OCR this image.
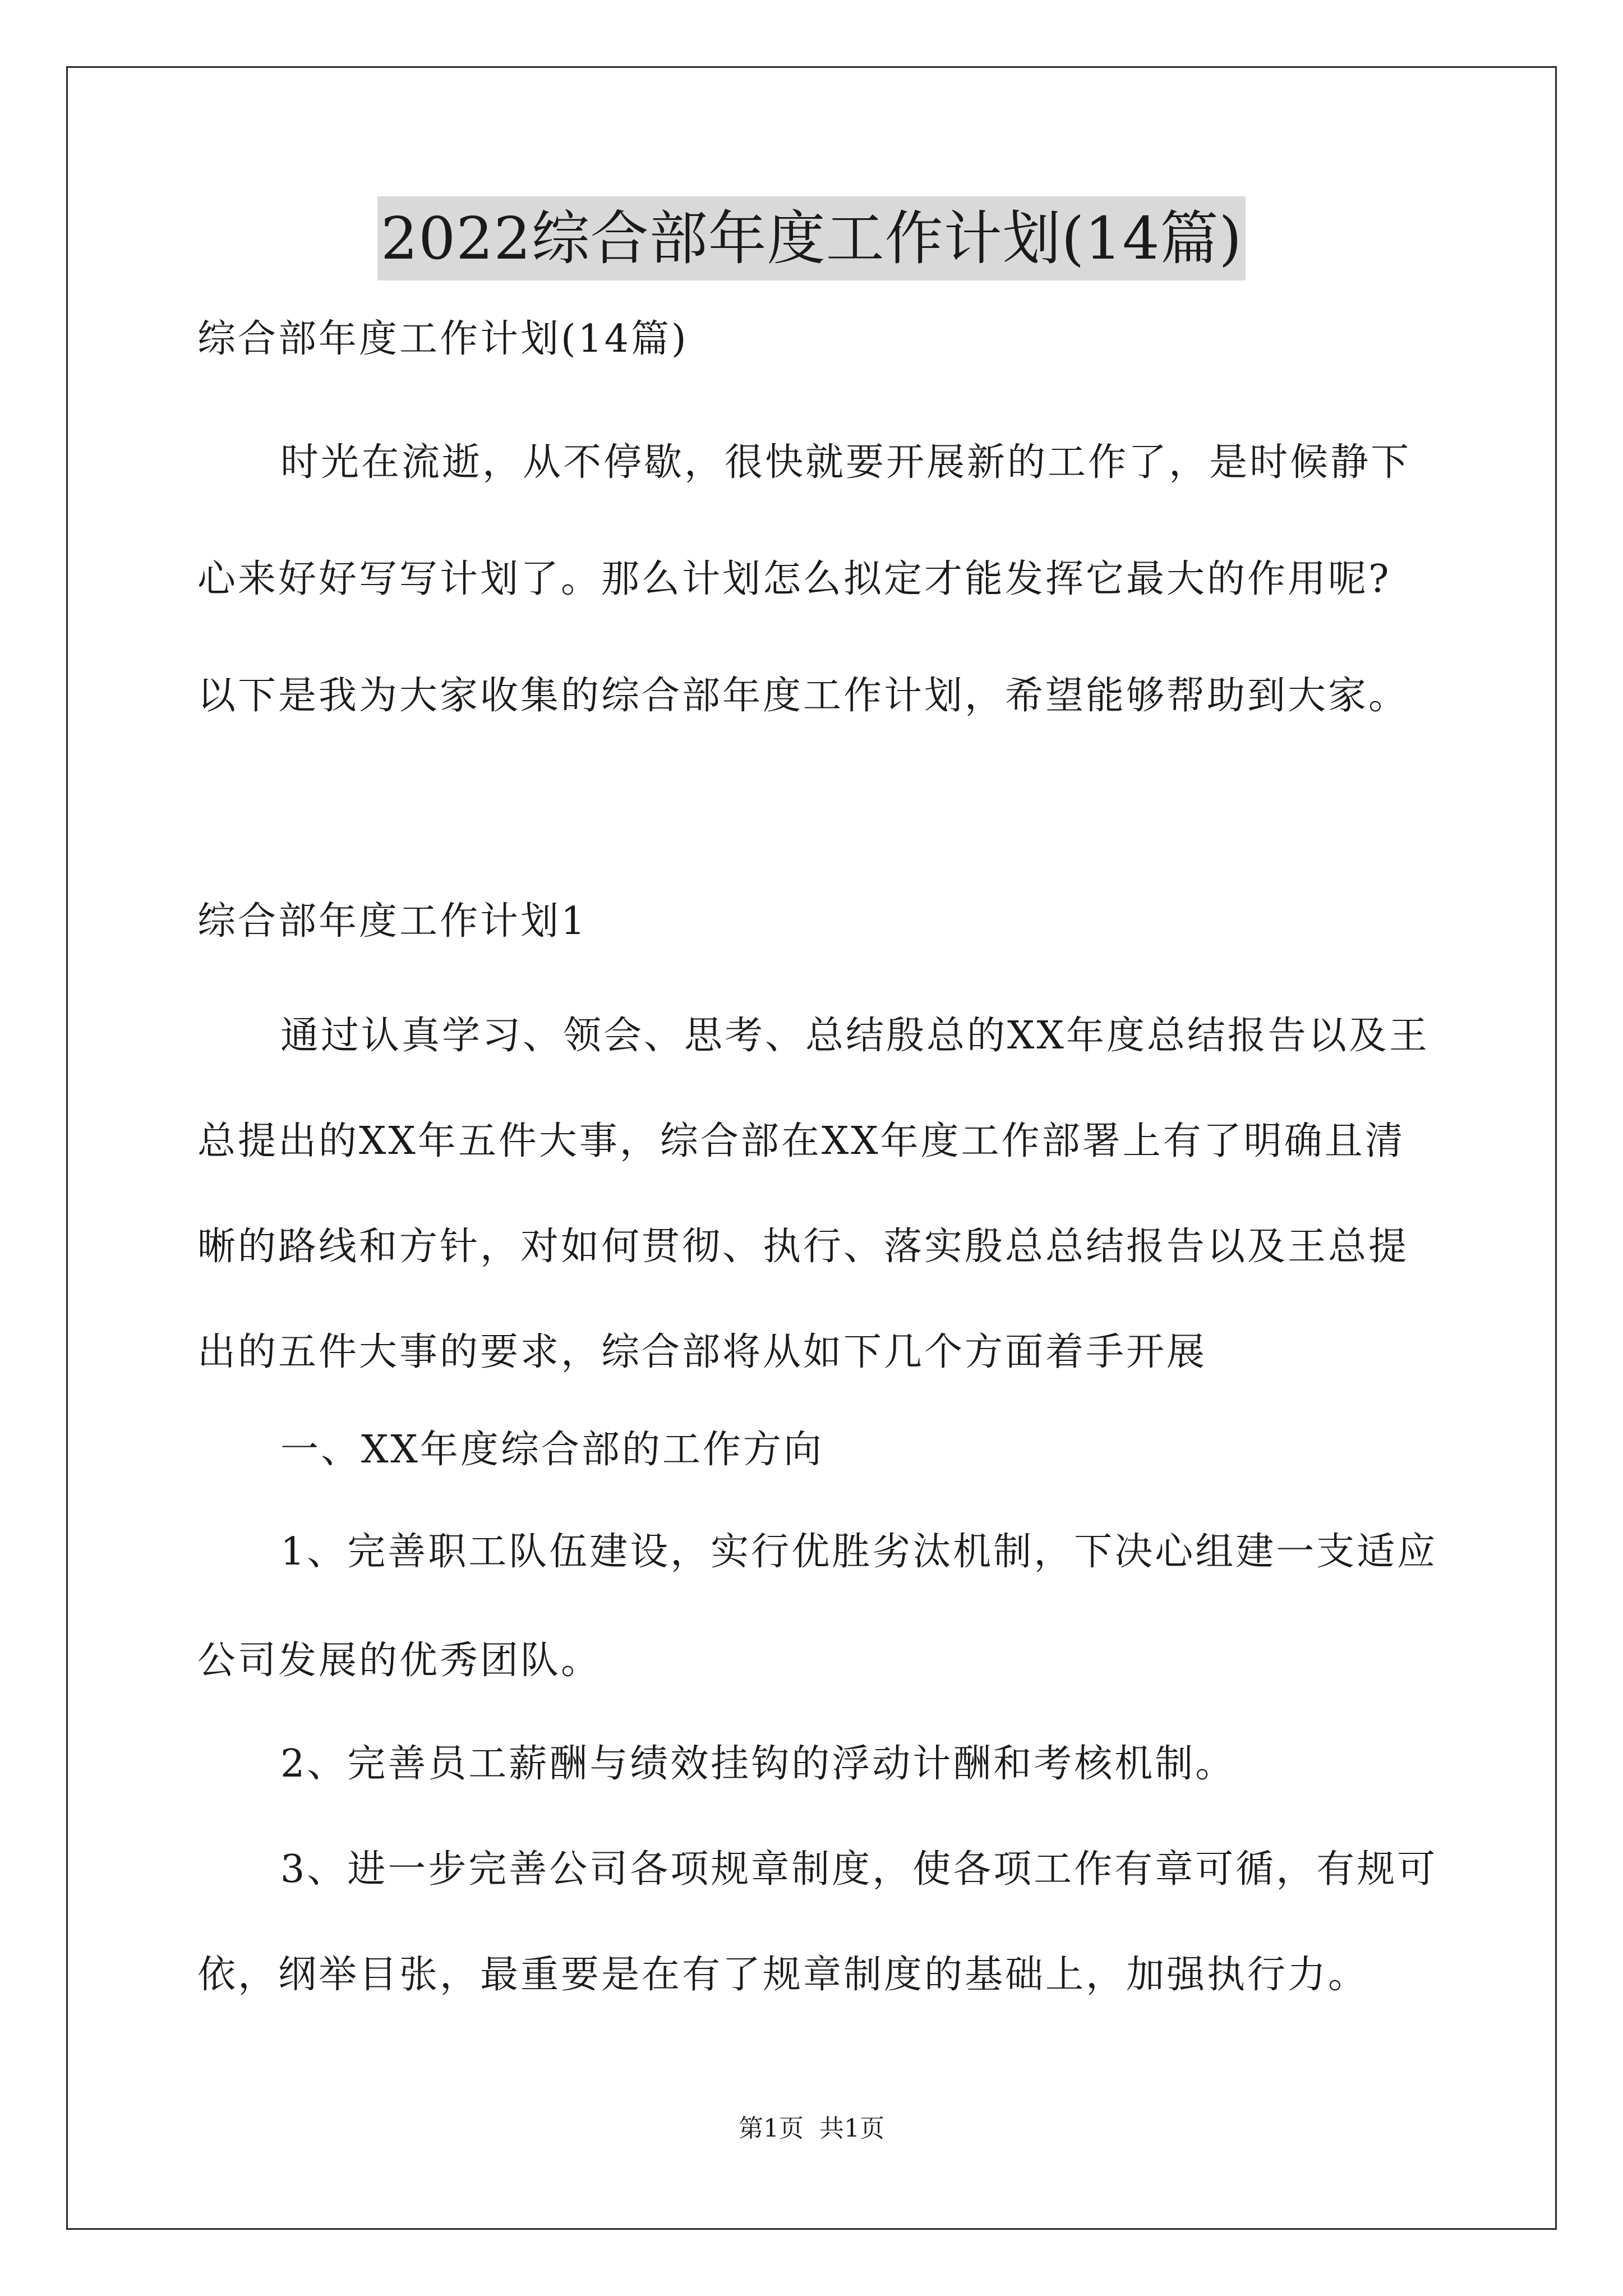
2022综合部年度工作计划(14篇)
综合部年度工作计划(14篇)
时光在流逝，从不停歇，很快就要开展新的工作了，是时候静下
心来好好写写计划了。那么计划怎么拟定才能发挥它最大的作用呢?
以下是我为大家收集的综合部年度工作计划，希望能够帮助到大家。
综合部年度工作计划1
通过认真学习、领会、思考、总结殷总的XX年度总结报告以及王
总提出的XX年五件大事，综合部在XX年度工作部署上有了明确且清
晰的路线和方针，对如何贯彻、执行、落实殷总总结报告以及王总提
出的五件大事的要求，综合部将从如下几个方面着手开展
一、XX年度综合部的工作方向
1、完善职工队伍建设，实行优胜劣汰机制，下决心组建一支适应
公司发展的优秀团队。
2、完善员工薪酬与绩效挂钩的浮动计酬和考核机制。
3、进一步完善公司各项规章制度，使各项工作有章可循，有规可
依，纲举目张，最重要是在有了规章制度的基础上，加强执行力。
第1页 共1页
